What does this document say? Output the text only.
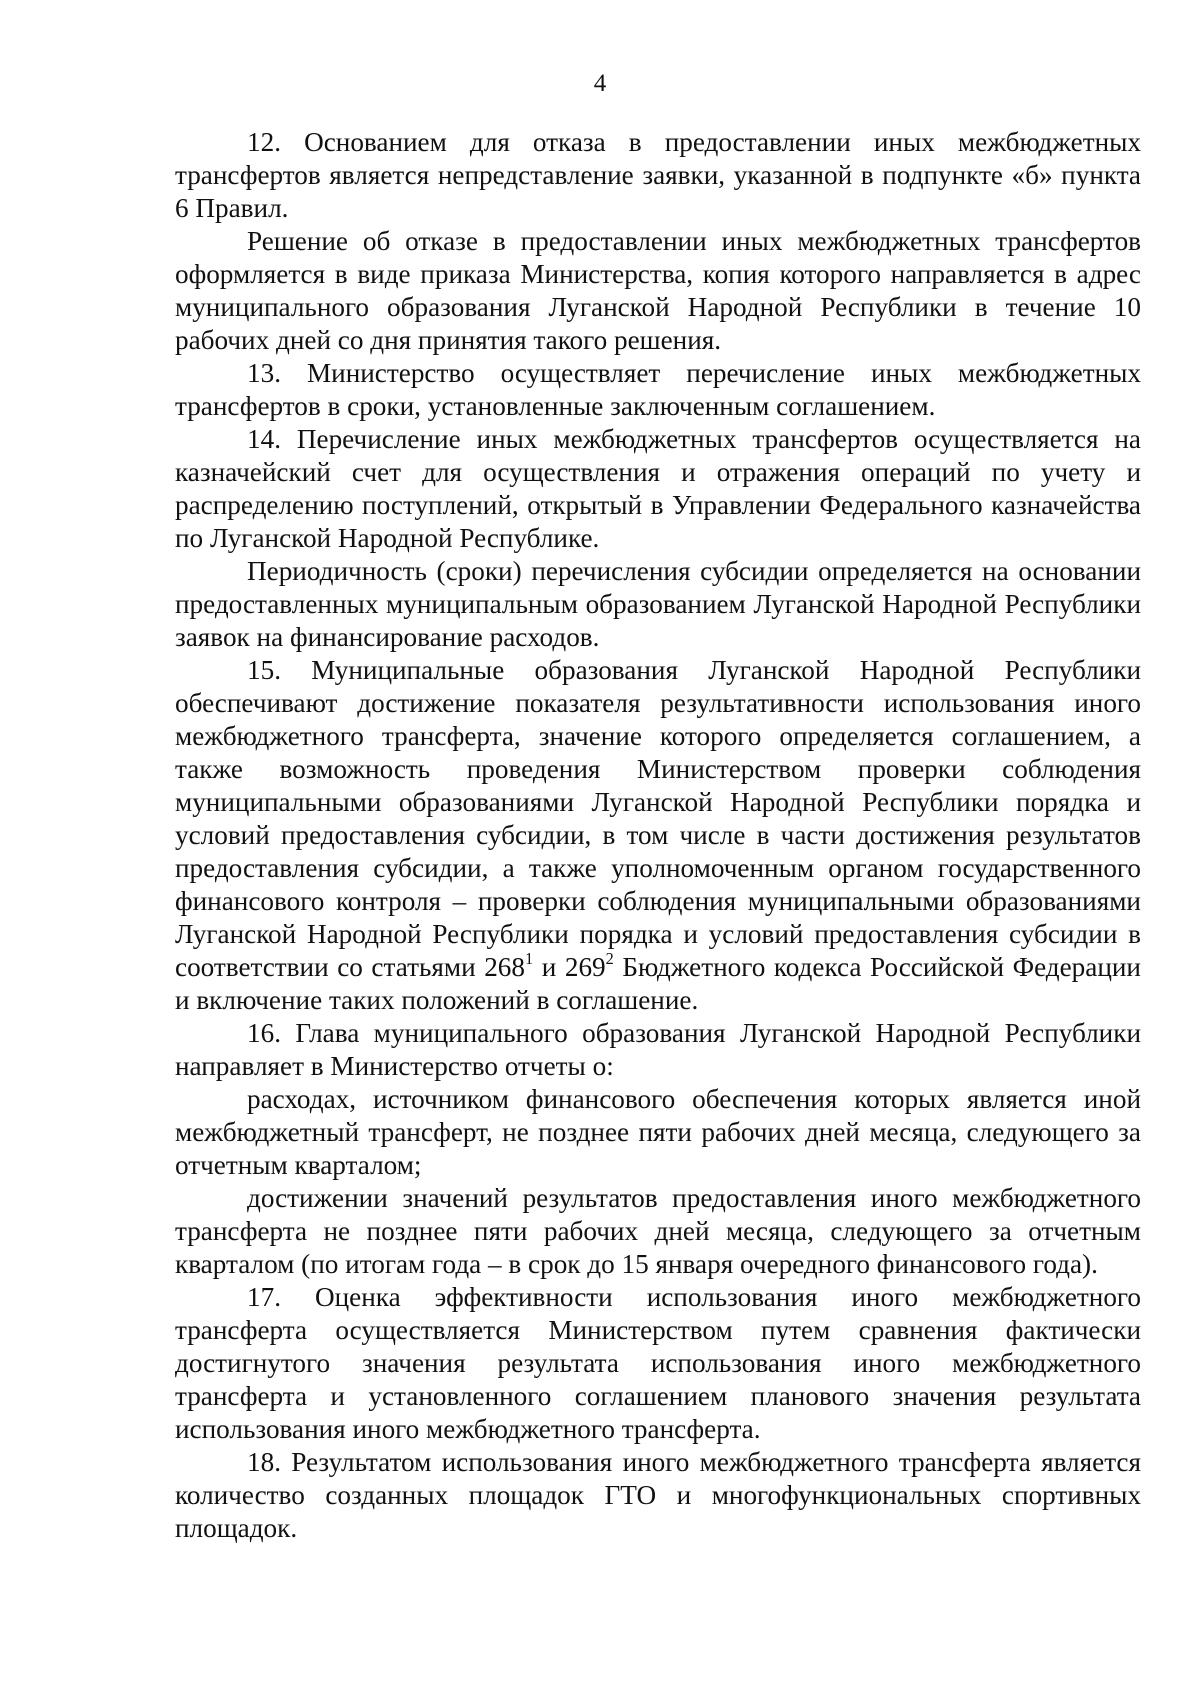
4

12. Основанием для отказа в предоставлении иных межбюджетных трансфертов является непредставление заявки, указанной в подпункте «б» пункта 6 Правил.

Решение об отказе в предоставлении иных межбюджетных трансфертов оформляется в виде приказа Министерства, копия которого направляется в адрес муниципального образования Луганской Народной Республики в течение 10 рабочих дней со дня принятия такого решения.

13. Министерство осуществляет перечисление иных межбюджетных трансфертов в сроки, установленные заключенным соглашением.

14. Перечисление иных межбюджетных трансфертов осуществляется на казначейский счет для осуществления и отражения операций по учету и распределению поступлений, открытый в Управлении Федерального казначейства по Луганской Народной Республике.

Периодичность (сроки) перечисления субсидии определяется на основании предоставленных муниципальным образованием Луганской Народной Республики заявок на финансирование расходов.

15. Муниципальные образования Луганской Народной Республики обеспечивают достижение показателя результативности использования иного межбюджетного трансферта, значение которого определяется соглашением, а также возможность проведения Министерством проверки соблюдения муниципальными образованиями Луганской Народной Республики порядка и условий предоставления субсидии, в том числе в части достижения результатов предоставления субсидии, а также уполномоченным органом государственного финансового контроля – проверки соблюдения муниципальными образованиями Луганской Народной Республики порядка и условий предоставления субсидии в соответствии со статьями $268^1$ и $269^2$ Бюджетного кодекса Российской Федерации и включение таких положений в соглашение.

16. Глава муниципального образования Луганской Народной Республики направляет в Министерство отчеты о:

расходах, источником финансового обеспечения которых является иной межбюджетный трансферт, не позднее пяти рабочих дней месяца, следующего за отчетным кварталом;

достижении значений результатов предоставления иного межбюджетного трансферта не позднее пяти рабочих дней месяца, следующего за отчетным кварталом (по итогам года – в срок до 15 января очередного финансового года).

17. Оценка эффективности использования иного межбюджетного трансферта осуществляется Министерством путем сравнения фактически достигнутого значения результата использования иного межбюджетного трансферта и установленного соглашением планового значения результата использования иного межбюджетного трансферта.

18. Результатом использования иного межбюджетного трансферта является количество созданных площадок ГТО и многофункциональных спортивных площадок.
